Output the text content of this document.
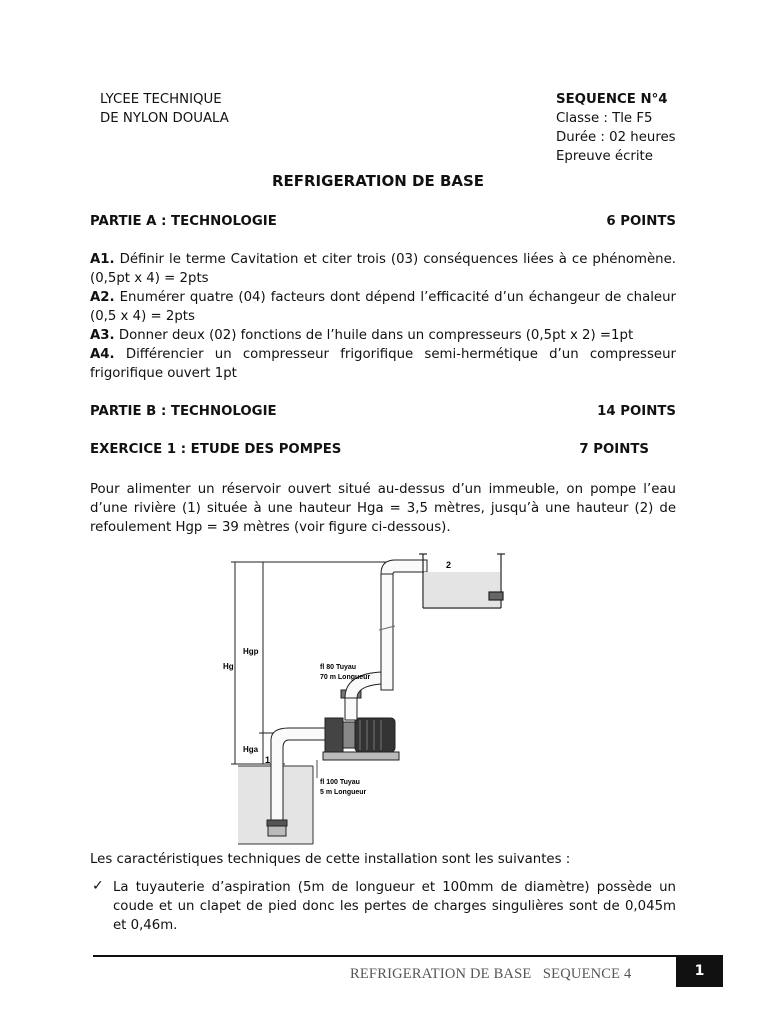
LYCEE TECHNIQUE
DE NYLON DOUALA
SEQUENCE N°4
Classe : Tle F5
Durée : 02 heures
Epreuve écrite
REFRIGERATION DE BASE
PARTIE A : TECHNOLOGIE	6 POINTS
A1. Définir le terme Cavitation et citer trois (03) conséquences liées à ce phénomène. (0,5pt x 4) = 2pts
A2. Enumérer quatre (04) facteurs dont dépend l’efficacité d’un échangeur de chaleur (0,5 x 4) = 2pts
A3. Donner deux (02) fonctions de l’huile dans un compresseurs (0,5pt x 2) =1pt
A4. Différencier un compresseur frigorifique semi-hermétique d’un compresseur frigorifique ouvert 1pt
PARTIE B : TECHNOLOGIE	14 POINTS
EXERCICE 1 : ETUDE DES POMPES	7 POINTS
Pour alimenter un réservoir ouvert situé au-dessus d’un immeuble, on pompe l’eau d’une rivière (1) située à une hauteur Hga = 3,5 mètres, jusqu’à une hauteur (2) de refoulement Hgp = 39 mètres (voir figure ci-dessous).
Hgp
Hg
Hga
1
2
fl 80 Tuyau
70 m Longueur
fl 100 Tuyau
5 m Longueur
Les caractéristiques techniques de cette installation sont les suivantes :
✓ La tuyauterie d’aspiration (5m de longueur et 100mm de diamètre) possède un coude et un clapet de pied donc les pertes de charges singulières sont de 0,045m et 0,46m.
REFRIGERATION DE BASE   SEQUENCE 4	1
